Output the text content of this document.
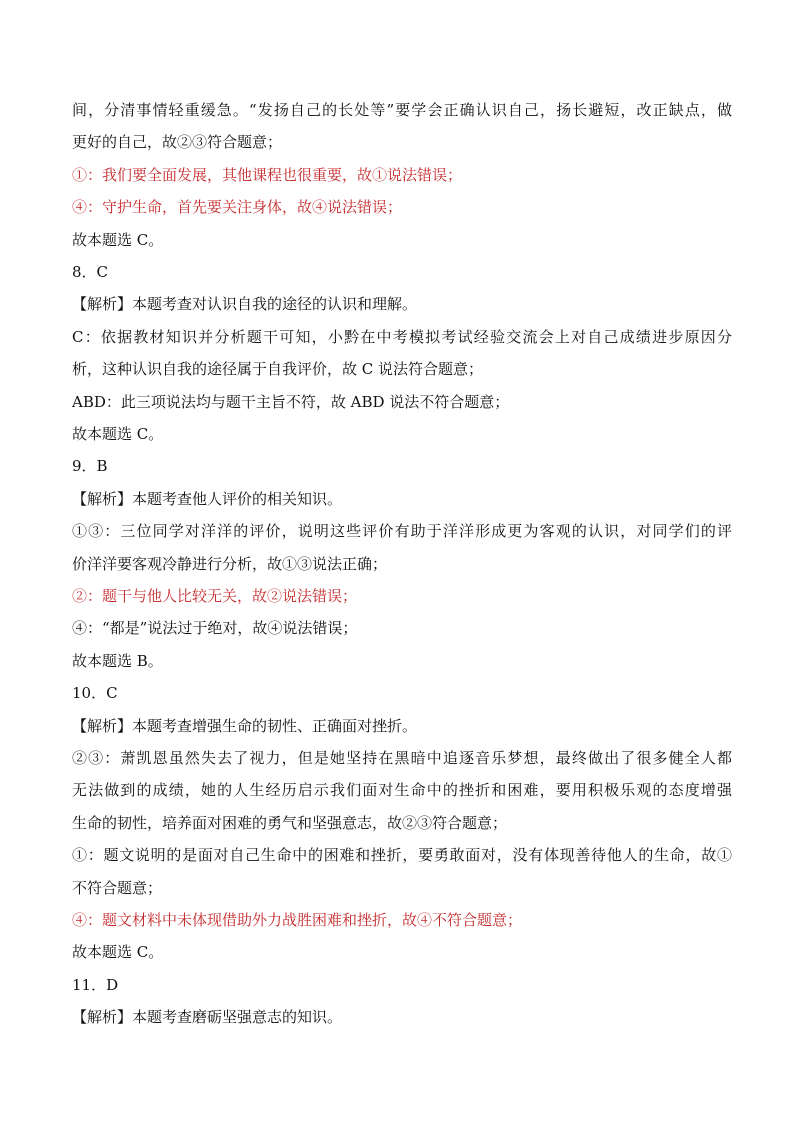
间，分清事情轻重缓急。“发扬自己的长处等”要学会正确认识自己，扬长避短，改正缺点，做
更好的自己，故②③符合题意；
①：我们要全面发展，其他课程也很重要，故①说法错误；
④：守护生命，首先要关注身体，故④说法错误；
故本题选 C。
8．C
【解析】本题考查对认识自我的途径的认识和理解。
C：依据教材知识并分析题干可知，小黔在中考模拟考试经验交流会上对自己成绩进步原因分
析，这种认识自我的途径属于自我评价，故 C 说法符合题意；
ABD：此三项说法均与题干主旨不符，故 ABD 说法不符合题意；
故本题选 C。
9．B
【解析】本题考查他人评价的相关知识。
①③：三位同学对洋洋的评价，说明这些评价有助于洋洋形成更为客观的认识，对同学们的评
价洋洋要客观冷静进行分析，故①③说法正确；
②：题干与他人比较无关，故②说法错误；
④：“都是”说法过于绝对，故④说法错误；
故本题选 B。
10．C
【解析】本题考查增强生命的韧性、正确面对挫折。
②③：萧凯恩虽然失去了视力，但是她坚持在黑暗中追逐音乐梦想，最终做出了很多健全人都
无法做到的成绩，她的人生经历启示我们面对生命中的挫折和困难，要用积极乐观的态度增强
生命的韧性，培养面对困难的勇气和坚强意志，故②③符合题意；
①：题文说明的是面对自己生命中的困难和挫折，要勇敢面对，没有体现善待他人的生命，故①
不符合题意；
④：题文材料中未体现借助外力战胜困难和挫折，故④不符合题意；
故本题选 C。
11．D
【解析】本题考查磨砺坚强意志的知识。
